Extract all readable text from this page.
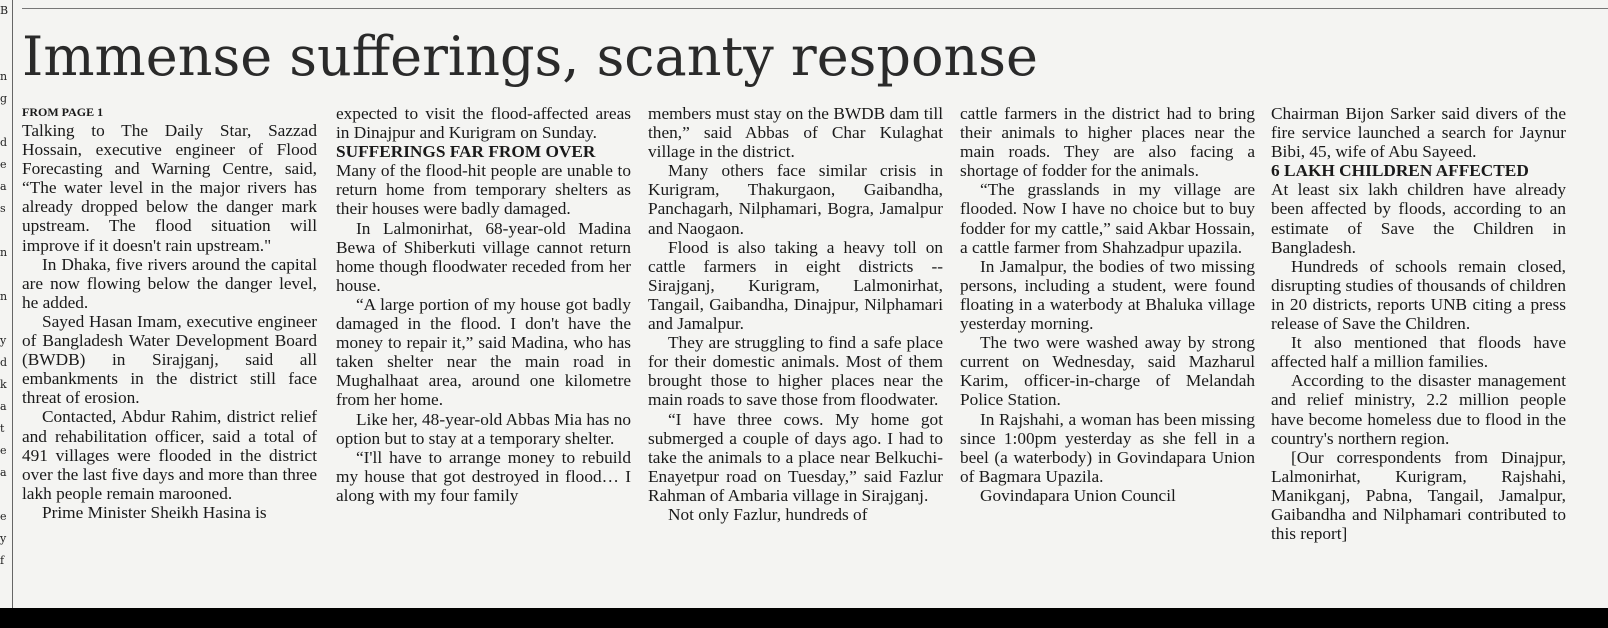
B
n
g
d
e
a
s
n
n
y
d
k
a
t
e
a
e
y
f
Immense sufferings, scanty response
FROM PAGE 1

Talking to The Daily Star, Sazzad Hossain, executive engineer of Flood Forecasting and Warning Centre, said, “The water level in the major rivers has already dropped below the danger mark upstream. The flood situation will improve if it doesn't rain upstream."

In Dhaka, five rivers around the capital are now flowing below the danger level, he added.

Sayed Hasan Imam, executive engineer of Bangladesh Water Development Board (BWDB) in Sirajganj, said all embankments in the district still face threat of erosion.

Contacted, Abdur Rahim, district relief and rehabilitation officer, said a total of 491 villages were flooded in the district over the last five days and more than three lakh people remain marooned.

Prime Minister Sheikh Hasina is

expected to visit the flood-affected areas in Dinajpur and Kurigram on Sunday.

SUFFERINGS FAR FROM OVER

Many of the flood-hit people are unable to return home from temporary shelters as their houses were badly damaged.

In Lalmonirhat, 68-year-old Madina Bewa of Shiberkuti village cannot return home though floodwater receded from her house.

“A large portion of my house got badly damaged in the flood. I don't have the money to repair it,” said Madina, who has taken shelter near the main road in Mughalhaat area, around one kilometre from her home.

Like her, 48-year-old Abbas Mia has no option but to stay at a temporary shelter.

“I'll have to arrange money to rebuild my house that got destroyed in flood… I along with my four family

members must stay on the BWDB dam till then,” said Abbas of Char Kulaghat village in the district.

Many others face similar crisis in Kurigram, Thakurgaon, Gaibandha, Panchagarh, Nilphamari, Bogra, Jamalpur and Naogaon.

Flood is also taking a heavy toll on cattle farmers in eight districts -- Sirajganj, Kurigram, Lalmonirhat, Tangail, Gaibandha, Dinajpur, Nilphamari and Jamalpur.

They are struggling to find a safe place for their domestic animals. Most of them brought those to higher places near the main roads to save those from floodwater.

“I have three cows. My home got submerged a couple of days ago. I had to take the animals to a place near Belkuchi-Enayetpur road on Tuesday,” said Fazlur Rahman of Ambaria village in Sirajganj.

Not only Fazlur, hundreds of

cattle farmers in the district had to bring their animals to higher places near the main roads. They are also facing a shortage of fodder for the animals.

“The grasslands in my village are flooded. Now I have no choice but to buy fodder for my cattle,” said Akbar Hossain, a cattle farmer from Shahzadpur upazila.

In Jamalpur, the bodies of two missing persons, including a student, were found floating in a waterbody at Bhaluka village yesterday morning.

The two were washed away by strong current on Wednesday, said Mazharul Karim, officer-in-charge of Melandah Police Station.

In Rajshahi, a woman has been missing since 1:00pm yesterday as she fell in a beel (a waterbody) in Govindapara Union of Bagmara Upazila.

Govindapara Union Council

Chairman Bijon Sarker said divers of the fire service launched a search for Jaynur Bibi, 45, wife of Abu Sayeed.

6 LAKH CHILDREN AFFECTED

At least six lakh children have already been affected by floods, according to an estimate of Save the Children in Bangladesh.

Hundreds of schools remain closed, disrupting studies of thousands of children in 20 districts, reports UNB citing a press release of Save the Children.

It also mentioned that floods have affected half a million families.

According to the disaster management and relief ministry, 2.2 million people have become homeless due to flood in the country's northern region.

[Our correspondents from Dinajpur, Lalmonirhat, Kurigram, Rajshahi, Manikganj, Pabna, Tangail, Jamalpur, Gaibandha and Nilphamari contributed to this report]
